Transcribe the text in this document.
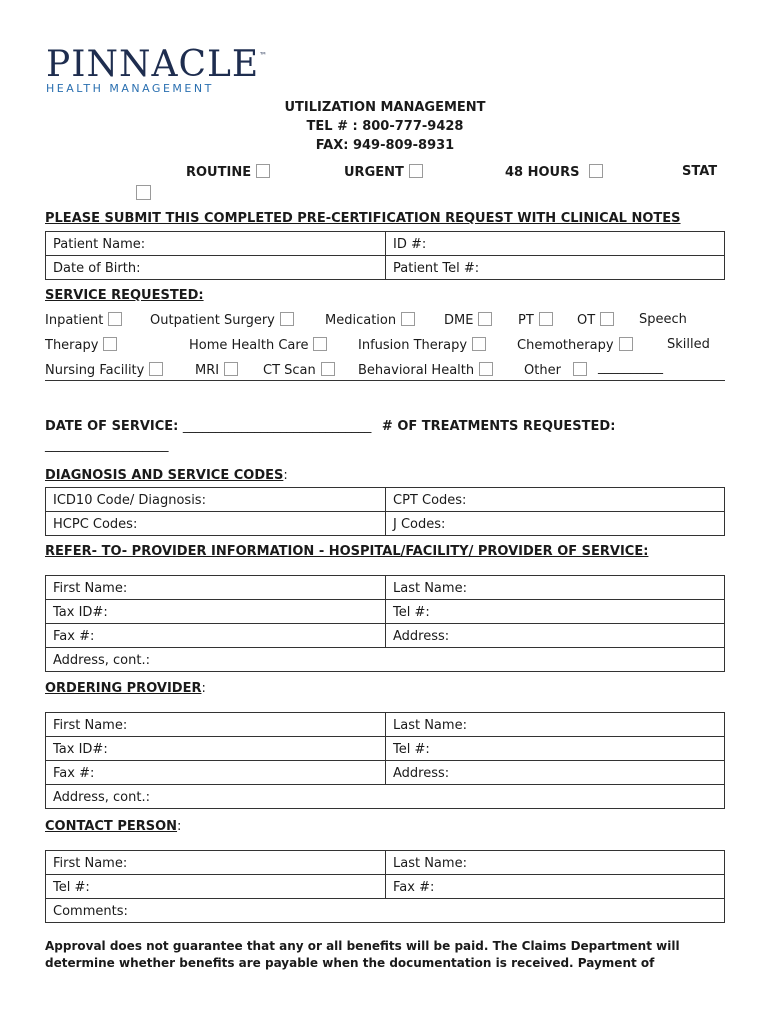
PINNACLE™
HEALTH MANAGEMENT
UTILIZATION MANAGEMENT
TEL # : 800-777-9428
FAX: 949-809-8931
ROUTINE	URGENT	48 HOURS	STAT
PLEASE SUBMIT THIS COMPLETED PRE-CERTIFICATION REQUEST WITH CLINICAL NOTES
Patient Name:	ID #:
Date of Birth:	Patient Tel #:
SERVICE REQUESTED:
Inpatient	Outpatient Surgery	Medication	DME	PT	OT	Speech
Therapy	Home Health Care	Infusion Therapy	Chemotherapy	Skilled
Nursing Facility	MRI	CT Scan	Behavioral Health	Other	__________
DATE OF SERVICE: _____________________________ # OF TREATMENTS REQUESTED:
___________________
DIAGNOSIS AND SERVICE CODES:
ICD10 Code/ Diagnosis:	CPT Codes:
HCPC Codes:	J Codes:
REFER- TO- PROVIDER INFORMATION - HOSPITAL/FACILITY/ PROVIDER OF SERVICE:
First Name:	Last Name:
Tax ID#:	Tel #:
Fax #:	Address:
Address, cont.:	
ORDERING PROVIDER:
First Name:	Last Name:
Tax ID#:	Tel #:
Fax #:	Address:
Address, cont.:	
CONTACT PERSON:
First Name:	Last Name:
Tel #:	Fax #:
Comments:	
Approval does not guarantee that any or all benefits will be paid. The Claims Department will
determine whether benefits are payable when the documentation is received. Payment of
